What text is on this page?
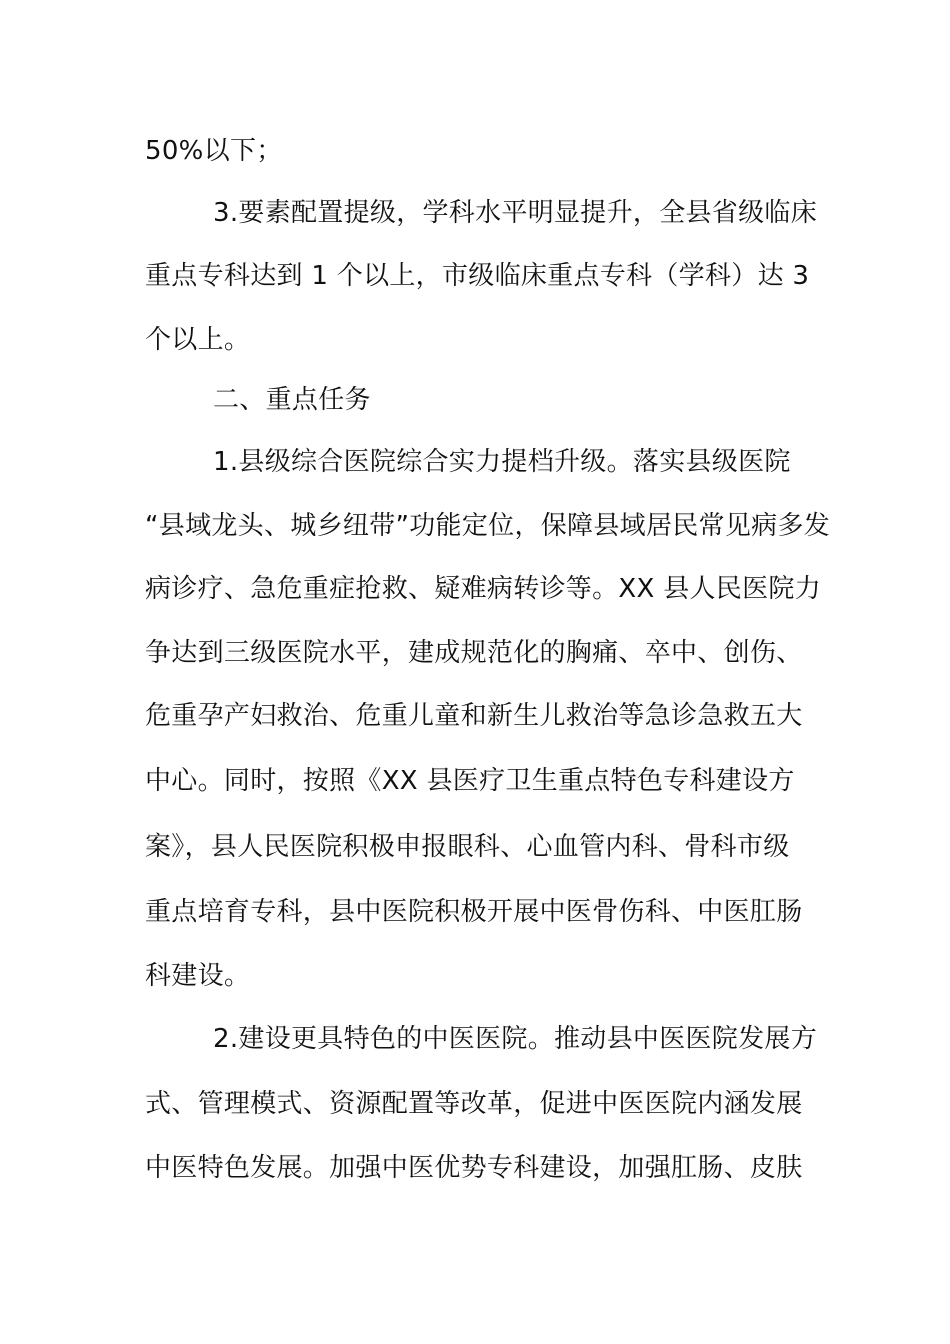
50%以下；
3.要素配置提级，学科水平明显提升，全县省级临床
重点专科达到 1 个以上，市级临床重点专科（学科）达 3
个以上。
二、重点任务
1.县级综合医院综合实力提档升级。落实县级医院
“县域龙头、城乡纽带”功能定位，保障县域居民常见病多发
病诊疗、急危重症抢救、疑难病转诊等。XX 县人民医院力
争达到三级医院水平，建成规范化的胸痛、卒中、创伤、
危重孕产妇救治、危重儿童和新生儿救治等急诊急救五大
中心。同时，按照《XX 县医疗卫生重点特色专科建设方
案》，县人民医院积极申报眼科、心血管内科、骨科市级
重点培育专科，县中医院积极开展中医骨伤科、中医肛肠
科建设。
2.建设更具特色的中医医院。推动县中医医院发展方
式、管理模式、资源配置等改革，促进中医医院内涵发展
中医特色发展。加强中医优势专科建设，加强肛肠、皮肤
